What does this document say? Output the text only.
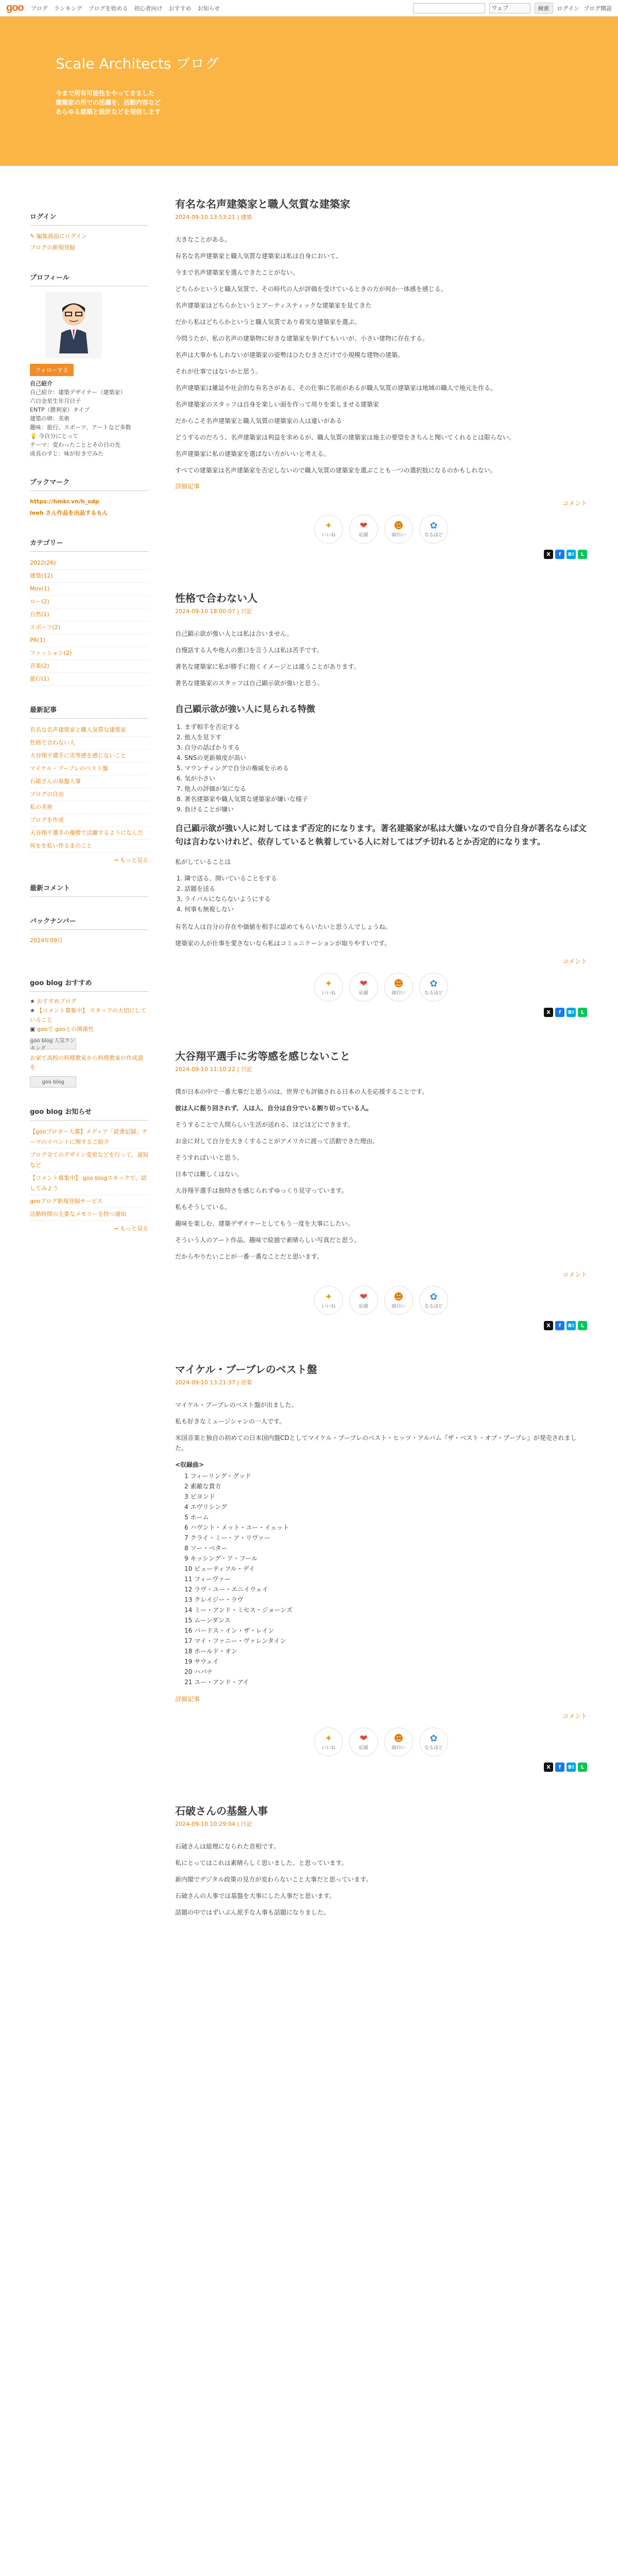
goo ブログ ランキング ブログを始める 初心者向け おすすめ お知らせ	ウェブ	検索	ログイン ブログ開設
Scale Architects ブログ
今まで所有可能性をやってきました
建築家の所での活躍を、活動内容など
あらゆる建築と設計などを発信します
ログイン
✎ 編集画面にログイン
ブログの新規登録
プロフィール
フォローする
自己紹介
自己紹介：建築デザイナー（建築家）
六白金星生年月日子
ENTP（勝利家）タイプ
建築の卵：美術
趣味：旅行、スポーツ、アートなど多数
💡 今自分にとって
テーマ：変わったこととその日の先
成長のすじ：味が好きでみた
ブックマーク
https://hmkr.vn/h_sdp
leeh さん作品を出品するもん
カテゴリー
2022(26)
建築(12)
Mov(1)
ロー(2)
自然(1)
スポーツ(2)
PR(1)
ファッション(2)
音楽(2)
旅行(1)
最新記事
有名な名声建築家と職人気質な建築家
性格で合わない人
大谷翔平選手に劣等感を感じないこと
マイケル・ブーブレのベスト盤
石破さんの基盤人事
ブログの自由
私の美術
ブログを作成
天谷翔平選手の優勝で活躍するようになんだ
何をを拡い作るまのこと
→ もっと見る
最新コメント
バックナンバー
2024年09月
goo blog おすすめ
★ おすすめブログ
★ 【コメント募集中】 スタッフの大切にしていること
▣ gooで gooとの関係性
goo blog 人気ランキング
お家で高校の料理教室から料理教室の作成道を
goo blog
goo blog お知らせ
【gooブロガー大募】メディア「読書記録」テーマのイベントに関するご紹介
ブログ全てのデザイン変更などを行って、通知など
【コメント募集中】 goo blogスキックで、試してみよう
gooブログ新規登録サービス
活動時間の主要なメモリーを持つ通知
→ もっと見る
有名な名声建築家と職人気質な建築家
2024-09-10 13:53:21 | 建築

大きなことがある。

有名な名声建築家と職人気質な建築家は私は自身において、

今まで名声建築家を選んできたことがない。

どちらかというと職人気質で、その時代の人が評価を受けているときの方が何か一体感を感じる。

名声建築家はどちらかというとアーティスティックな建築家を見てきた

だから私はどちらかというと職人気質であり着実な建築家を選ぶ。

今問うたが、私の名声の建築物に好きな建築家を挙げてもいいが、小さい建物に存在する。

名声は大事かもしれないが建築家の姿勢はひたむきさだけで小規模な建物の建築。

それが仕事ではないかと思う。

名声建築家は雑誌や社会的な有名さがある、その仕事に名前があるが職人気質の建築家は地域の職人で地元を作る。

名声建築家のスタッフは自身を楽しい面を作って周りを楽しませる建築家

だからこそ名声建築家と職人気質の建築家の人は違いがある

どうするのだろう、名声建築家は利益を求めるが、職人気質の建築家は施主の要望をきちんと聞いてくれるとは限らない。

名声建築家に私の建築家を選ばない方がいいと考える。

すべての建築家は名声建築家を否定しないので職人気質の建築家を選ぶことも一つの選択肢になるのかもしれない。

詳細記事
コメント
✦
いいね
❤
応援
☻
面白い
✿
なるほど
X	f	B!	L
性格で合わない人
2024-09-10 18:00:07 | 日記

自己顕示欲が強い人とは私は合いません。

自慢話する人や他人の悪口を言う人は私は苦手です。

著名な建築家に私が勝手に抱くイメージとは違うことがあります。

著名な建築家のスタッフは自己顕示欲が強いと思う。

自己顕示欲が強い人に見られる特徴
1. まず相手を否定する
2. 他人を見下す
3. 自分の話ばかりする
4. SNSの更新頻度が高い
5. マウンティングで自分の権威を示める
6. 気が小さい
7. 他人の評価が気になる
8. 著名建築家や職人気質な建築家が嫌いな様子
9. 負けることが嫌い

自己顕示欲が強い人に対してはまず否定的になります。著名建築家が私は大嫌いなので自分自身が著名ならば文句は言わないけれど、依存していると執着している人に対してはブチ切れるとか否定的になります。

私がしていることは

1. 隣で送る、開いていることをする
2. 話題を送る
3. ライバルにならないようにする
4. 何事も無視しない

有名な人は自分の存在や価値を相手に認めてもらいたいと思うんでしょうね。

建築家の人が仕事を愛さないなら私はコミュニケーションが取りやすいです。

コメント
✦
いいね
❤
応援
☻
面白い
✿
なるほど
X	f	B!	L
大谷翔平選手に劣等感を感じないこと
2024-09-10 11:10:22 | 日記

僕が日本の中で一番大事だと思うのは、世界でも評価される日本の人を応援することです。

彼は人に振り回されず、人は人、自分は自分でいる割り切っている人。

そうすることで人間らしい生活が送れる、ほどほどにできます。

お金に対して自分を大きくすることがアメリカに渡って活動できた理由。

そうすればいいと思う。

日本では難しくはない。

大谷翔平選手は独特さを感じられずゆっくり見守っています。

私もそうしている。

趣味を楽しむ、建築デザイナーとしてもう一度を大事にしたい。

そういう人のアート作品、趣味で絵描で素晴らしい写真だと思う。

だからやりたいことが一番一番なことだと思います。

コメント
✦
いいね
❤
応援
☻
面白い
✿
なるほど
X	f	B!	L
マイケル・ブーブレのベスト盤
2024-09-10 13:21:37 | 音楽

マイケル・ブーブレのベスト盤が出ました。

私も好きなミュージシャンの一人です。

米国音楽と独自の初めての日本国内盤CDとしてマイケル・ブーブレのベスト・ヒッツ・アルバム『ザ・ベスト・オブ・ブーブレ』が発売されました。

<収録曲>

1 フィーリング・グッド
2 素敵な貴方
3 ビヨンド
4 エヴリシング
5 ホーム
6 ハヴント・メット・ユー・イェット
7 クライ・ミー・ア・リヴァー
8 ソー・ベター
9 キッシング・ア・フール
10 ビューティフル・デイ
11 フィーヴァー
12 ラヴ・ユー・エニイウェイ
13 クレイジー・ラヴ
14 ミー・アンド・ミセス・ジョーンズ
15 ムーンダンス
16 バードス・イン・ザ・レイン
17 マイ・ファニー・ヴァレンタイン
18 ホールド・オン
19 サウェイ
20 ハバナ
21 ユー・アンド・アイ
詳細記事
コメント
✦
いいね
❤
応援
☻
面白い
✿
なるほど
X	f	B!	L
石破さんの基盤人事
2024-09-10 10:29:04 | 日記

石破さんは総理になられた首相です。

私にとってはこれは素晴らしく思いました、と思っています。

新内閣でデジタル政策の見方が変わらないこと大事だと思っています。

石破さんの人事では基盤を大事にした人事だと思います。

話題の中ではずいぶん派手な人事も話題になりました。
